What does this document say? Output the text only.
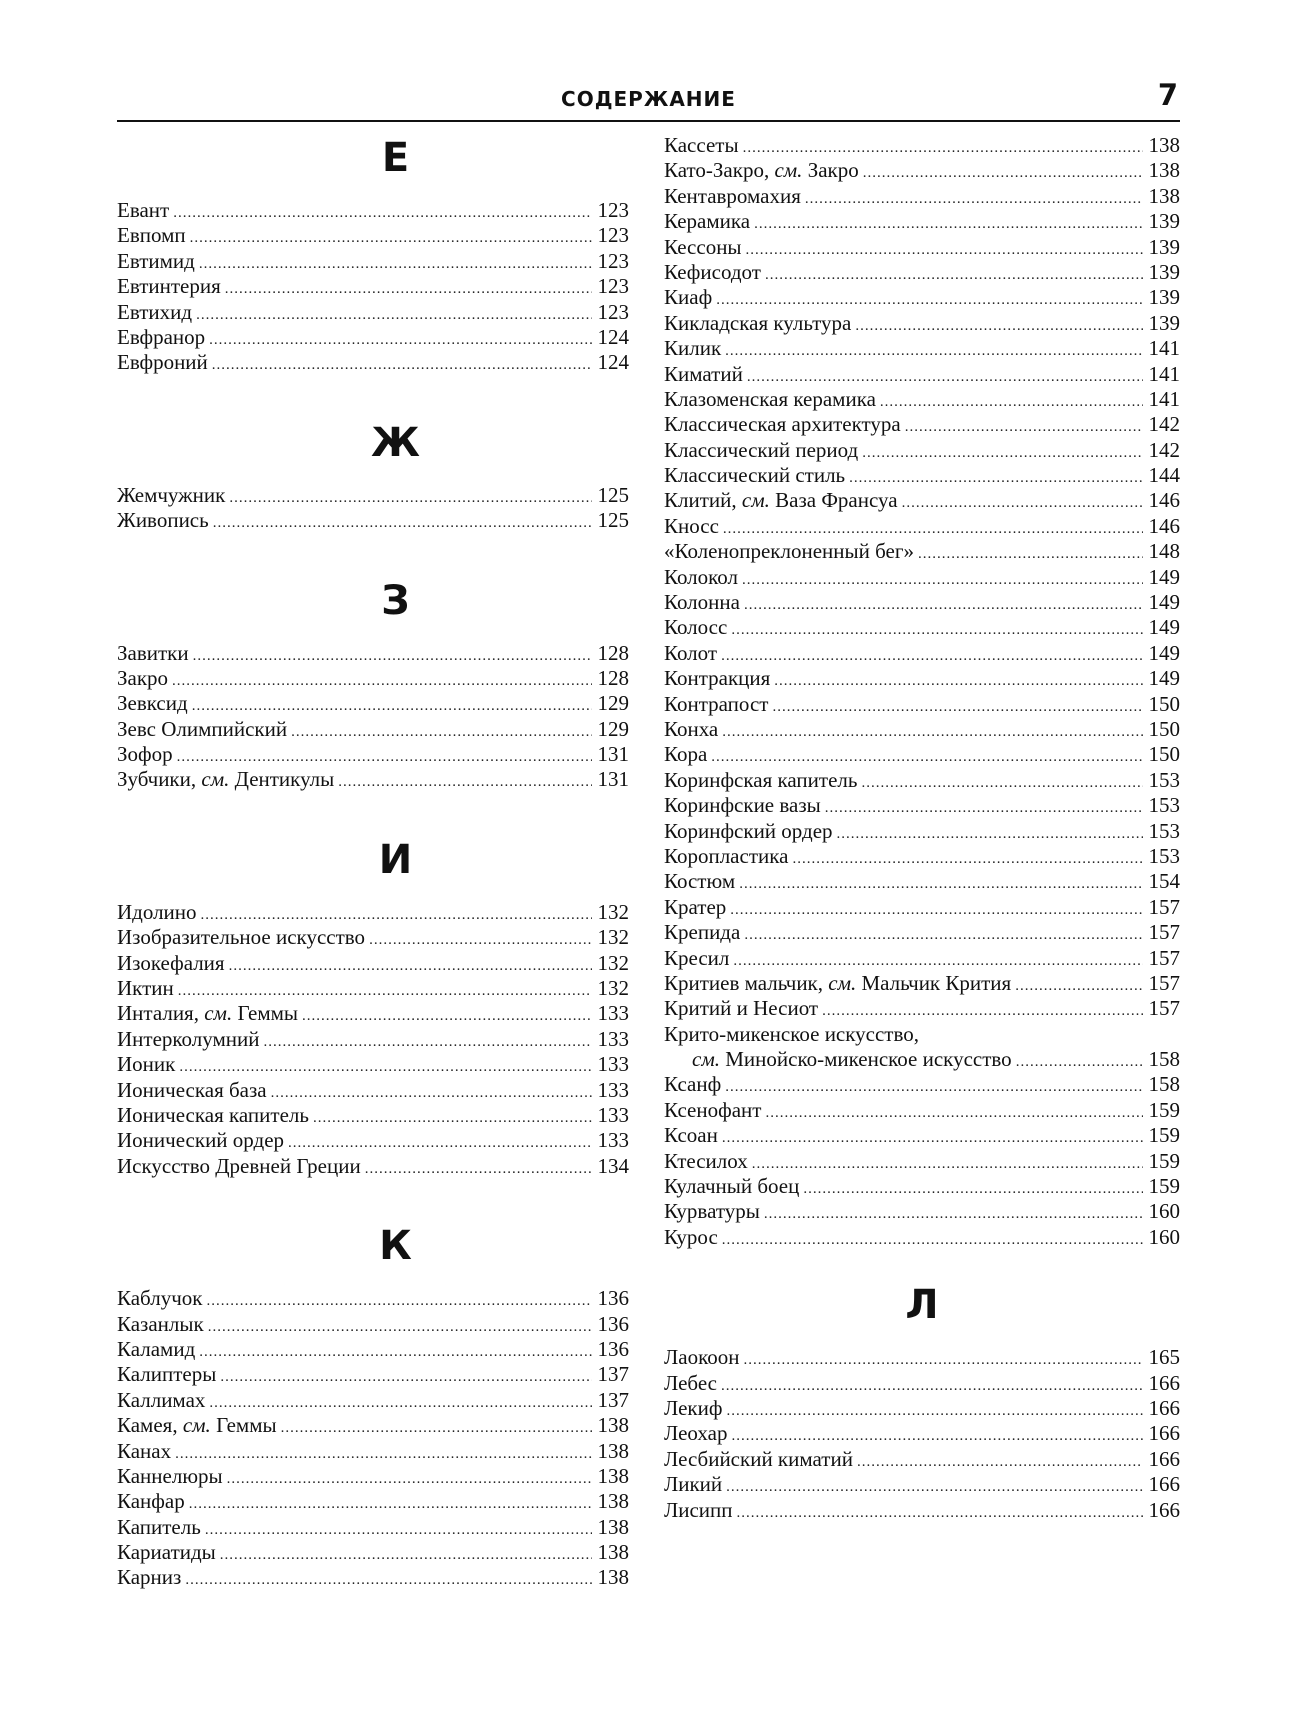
СОДЕРЖАНИЕ	7
Е
Евант .....	123
Евпомп .....	123
Евтимид .....	123
Евтинтерия .....	123
Евтихид .....	123
Евфранор .....	124
Евфроний .....	124
Ж
Жемчужник .....	125
Живопись .....	125
З
Завитки .....	128
Закро .....	128
Зевксид .....	129
Зевс Олимпийский .....	129
Зофор .....	131
Зубчики, см. Дентикулы .....	131
И
Идолино .....	132
Изобразительное искусство .....	132
Изокефалия .....	132
Иктин .....	132
Инталия, см. Геммы .....	133
Интерколумний .....	133
Ионик .....	133
Ионическая база .....	133
Ионическая капитель .....	133
Ионический ордер .....	133
Искусство Древней Греции .....	134
К
Каблучок .....	136
Казанлык .....	136
Каламид .....	136
Калиптеры .....	137
Каллимах .....	137
Камея, см. Геммы .....	138
Канах .....	138
Каннелюры .....	138
Канфар .....	138
Капитель .....	138
Кариатиды .....	138
Карниз .....	138
Кассеты .....	138
Като-Закро, см. Закро .....	138
Кентавромахия .....	138
Керамика .....	139
Кессоны .....	139
Кефисодот .....	139
Киаф .....	139
Кикладская культура .....	139
Килик .....	141
Киматий .....	141
Клазоменская керамика .....	141
Классическая архитектура .....	142
Классический период .....	142
Классический стиль .....	144
Клитий, см. Ваза Франсуа .....	146
Кносс .....	146
«Коленопреклоненный бег» .....	148
Колокол .....	149
Колонна .....	149
Колосс .....	149
Колот .....	149
Контракция .....	149
Контрапост .....	150
Конха .....	150
Кора .....	150
Коринфская капитель .....	153
Коринфские вазы .....	153
Коринфский ордер .....	153
Коропластика .....	153
Костюм .....	154
Кратер .....	157
Крепида .....	157
Кресил .....	157
Критиев мальчик, см. Мальчик Крития .....	157
Критий и Несиот .....	157
Крито-микенское искусство,
см. Минойско-микенское искусство .....	158
Ксанф .....	158
Ксенофант .....	159
Ксоан .....	159
Ктесилох .....	159
Кулачный боец .....	159
Курватуры .....	160
Курос .....	160
Л
Лаокоон .....	165
Лебес .....	166
Лекиф .....	166
Леохар .....	166
Лесбийский киматий .....	166
Ликий .....	166
Лисипп .....	166
